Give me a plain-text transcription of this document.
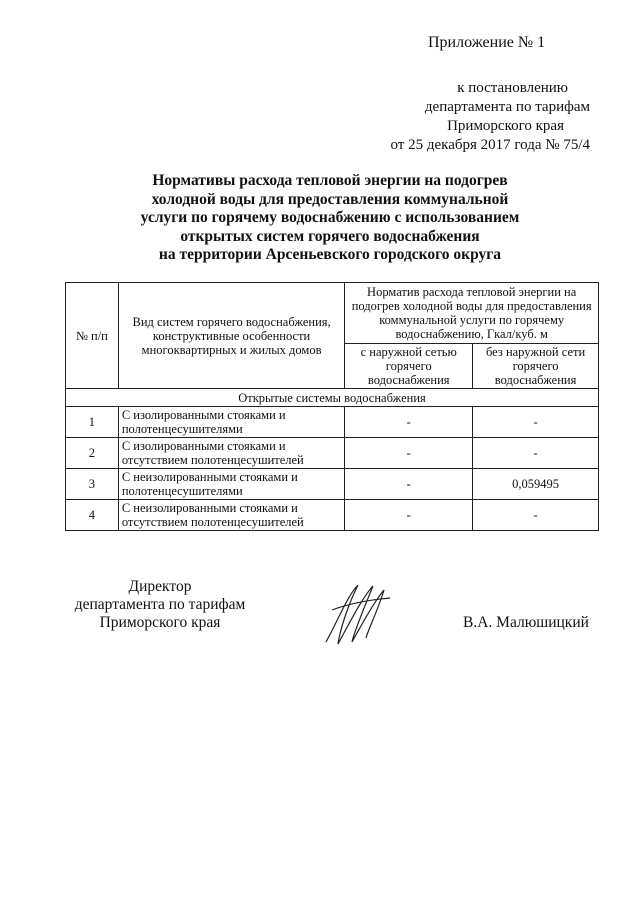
Приложение № 1
к постановлению
департамента по тарифам
Приморского края
от 25 декабря 2017 года № 75/4
Нормативы расхода тепловой энергии на подогрев
холодной воды для предоставления коммунальной
услуги по горячему водоснабжению с использованием
открытых систем горячего водоснабжения
на территории Арсеньевского городского округа
№ п/п	Вид систем горячего водоснабжения, конструктивные особенности многоквартирных и жилых домов	Норматив расхода тепловой энергии на подогрев холодной воды для предоставления коммунальной услуги по горячему водоснабжению, Гкал/куб. м	
		с наружной сетью горячего водоснабжения	без наружной сети горячего водоснабжения
Открытые системы водоснабжения			
1	С изолированными стояками и полотенцесушителями	-	-
2	С изолированными стояками и отсутствием полотенцесушителей	-	-
3	С неизолированными стояками и полотенцесушителями	-	0,059495
4	С неизолированными стояками и отсутствием полотенцесушителей	-	-
Директор
департамента по тарифам
Приморского края	В.А. Малюшицкий
